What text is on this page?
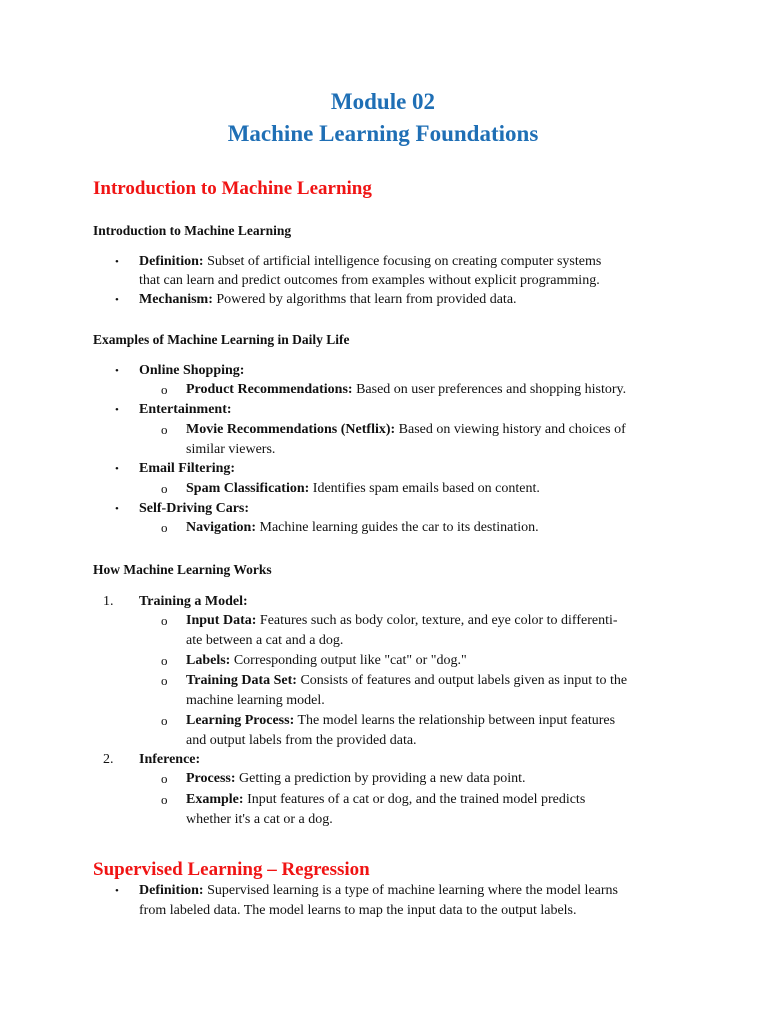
Module 02
Machine Learning Foundations
Introduction to Machine Learning
Introduction to Machine Learning
• Definition: Subset of artificial intelligence focusing on creating computer systems
that can learn and predict outcomes from examples without explicit programming.
• Mechanism: Powered by algorithms that learn from provided data.
Examples of Machine Learning in Daily Life
• Online Shopping:
o Product Recommendations: Based on user preferences and shopping history.
• Entertainment:
o Movie Recommendations (Netflix): Based on viewing history and choices of
similar viewers.
• Email Filtering:
o Spam Classification: Identifies spam emails based on content.
• Self-Driving Cars:
o Navigation: Machine learning guides the car to its destination.
How Machine Learning Works
1. Training a Model:
o Input Data: Features such as body color, texture, and eye color to differenti-
ate between a cat and a dog.
o Labels: Corresponding output like "cat" or "dog."
o Training Data Set: Consists of features and output labels given as input to the
machine learning model.
o Learning Process: The model learns the relationship between input features
and output labels from the provided data.
2. Inference:
o Process: Getting a prediction by providing a new data point.
o Example: Input features of a cat or dog, and the trained model predicts
whether it's a cat or a dog.
Supervised Learning – Regression
• Definition: Supervised learning is a type of machine learning where the model learns
from labeled data. The model learns to map the input data to the output labels.
